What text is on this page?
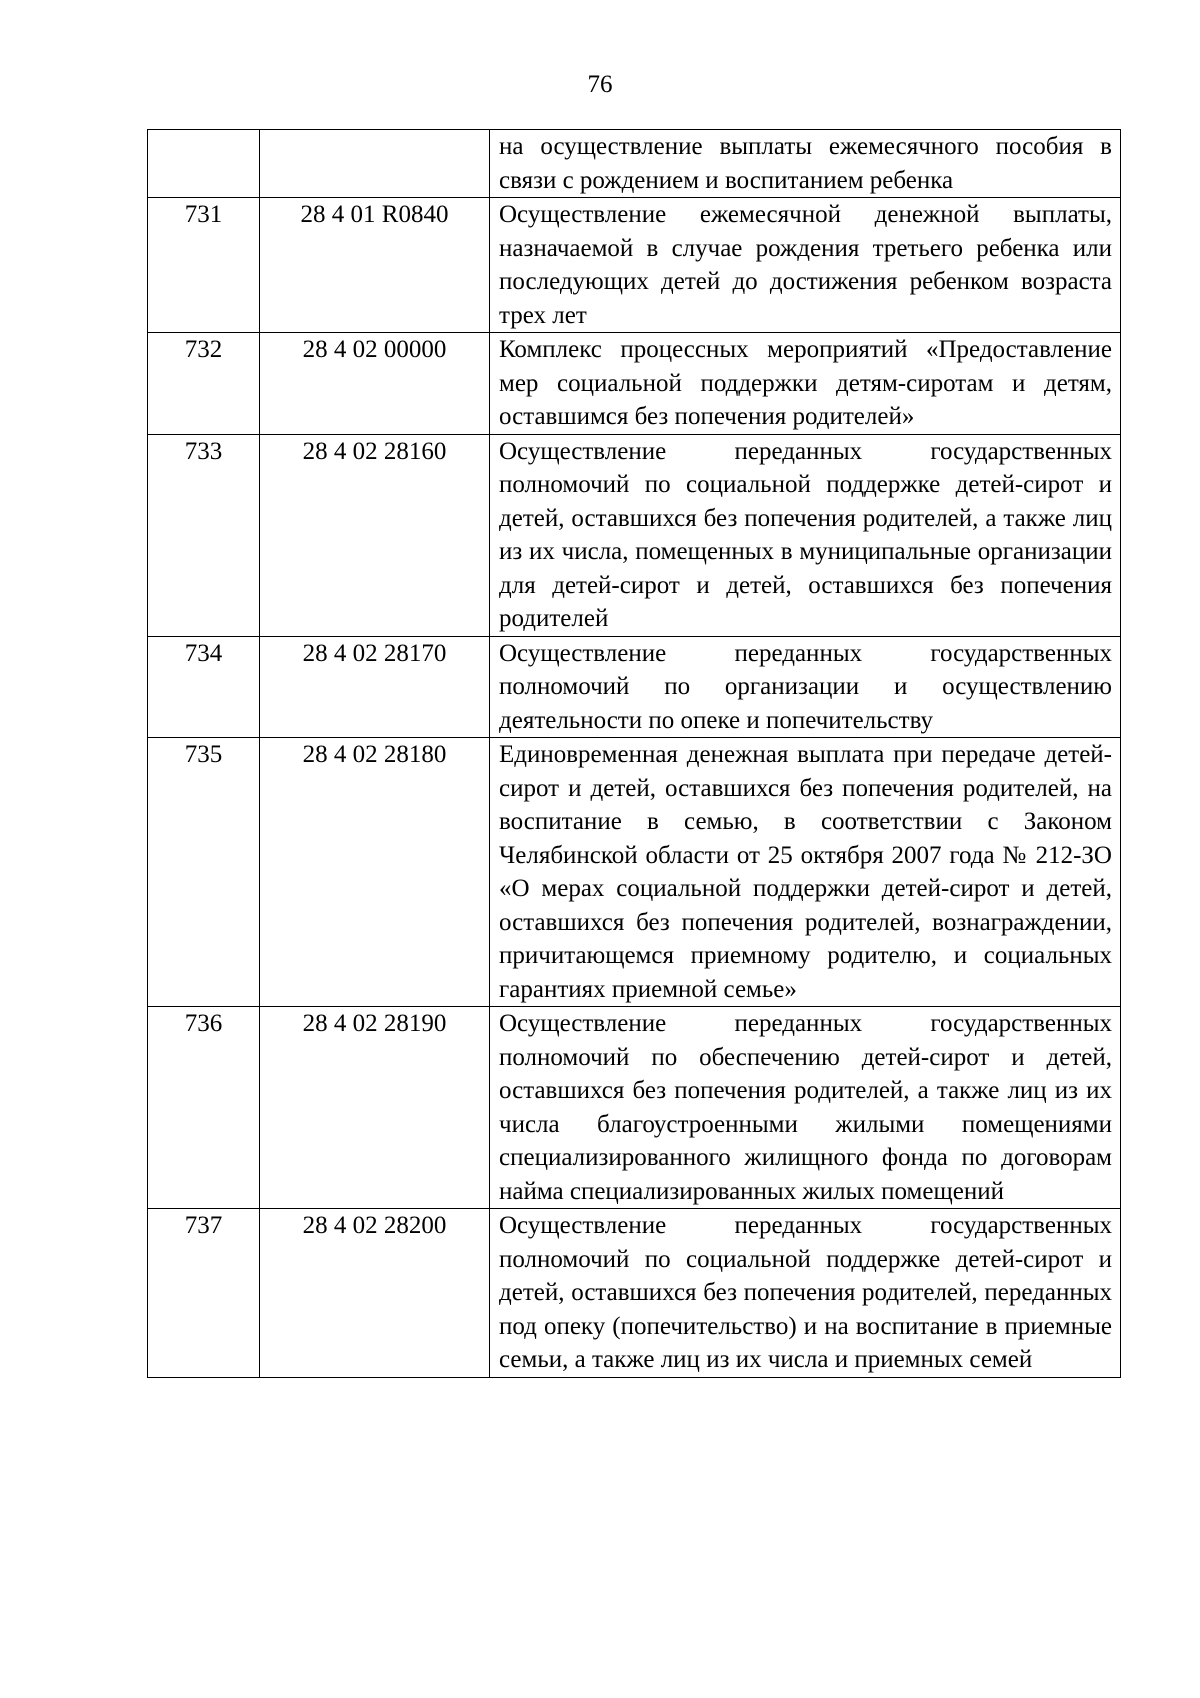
76
		на осуществление выплаты ежемесячного пособия в связи с рождением и воспитанием ребенка
731	28 4 01 R0840	Осуществление ежемесячной денежной выплаты, назначаемой в случае рождения третьего ребенка или последующих детей до достижения ребенком возраста трех лет
732	28 4 02 00000	Комплекс процессных мероприятий «Предоставление мер социальной поддержки детям-сиротам и детям, оставшимся без попечения родителей»
733	28 4 02 28160	Осуществление переданных государственных полномочий по социальной поддержке детей-сирот и детей, оставшихся без попечения родителей, а также лиц из их числа, помещенных в муниципальные организации для детей-сирот и детей, оставшихся без попечения родителей
734	28 4 02 28170	Осуществление переданных государственных полномочий по организации и осуществлению деятельности по опеке и попечительству
735	28 4 02 28180	Единовременная денежная выплата при передаче детей-сирот и детей, оставшихся без попечения родителей, на воспитание в семью, в соответствии с Законом Челябинской области от 25 октября 2007 года № 212-ЗО «О мерах социальной поддержки детей-сирот и детей, оставшихся без попечения родителей, вознаграждении, причитающемся приемному родителю, и социальных гарантиях приемной семье»
736	28 4 02 28190	Осуществление переданных государственных полномочий по обеспечению детей-сирот и детей, оставшихся без попечения родителей, а также лиц из их числа благоустроенными жилыми помещениями специализированного жилищного фонда по договорам найма специализированных жилых помещений
737	28 4 02 28200	Осуществление переданных государственных полномочий по социальной поддержке детей-сирот и детей, оставшихся без попечения родителей, переданных под опеку (попечительство) и на воспитание в приемные семьи, а также лиц из их числа и приемных семей
